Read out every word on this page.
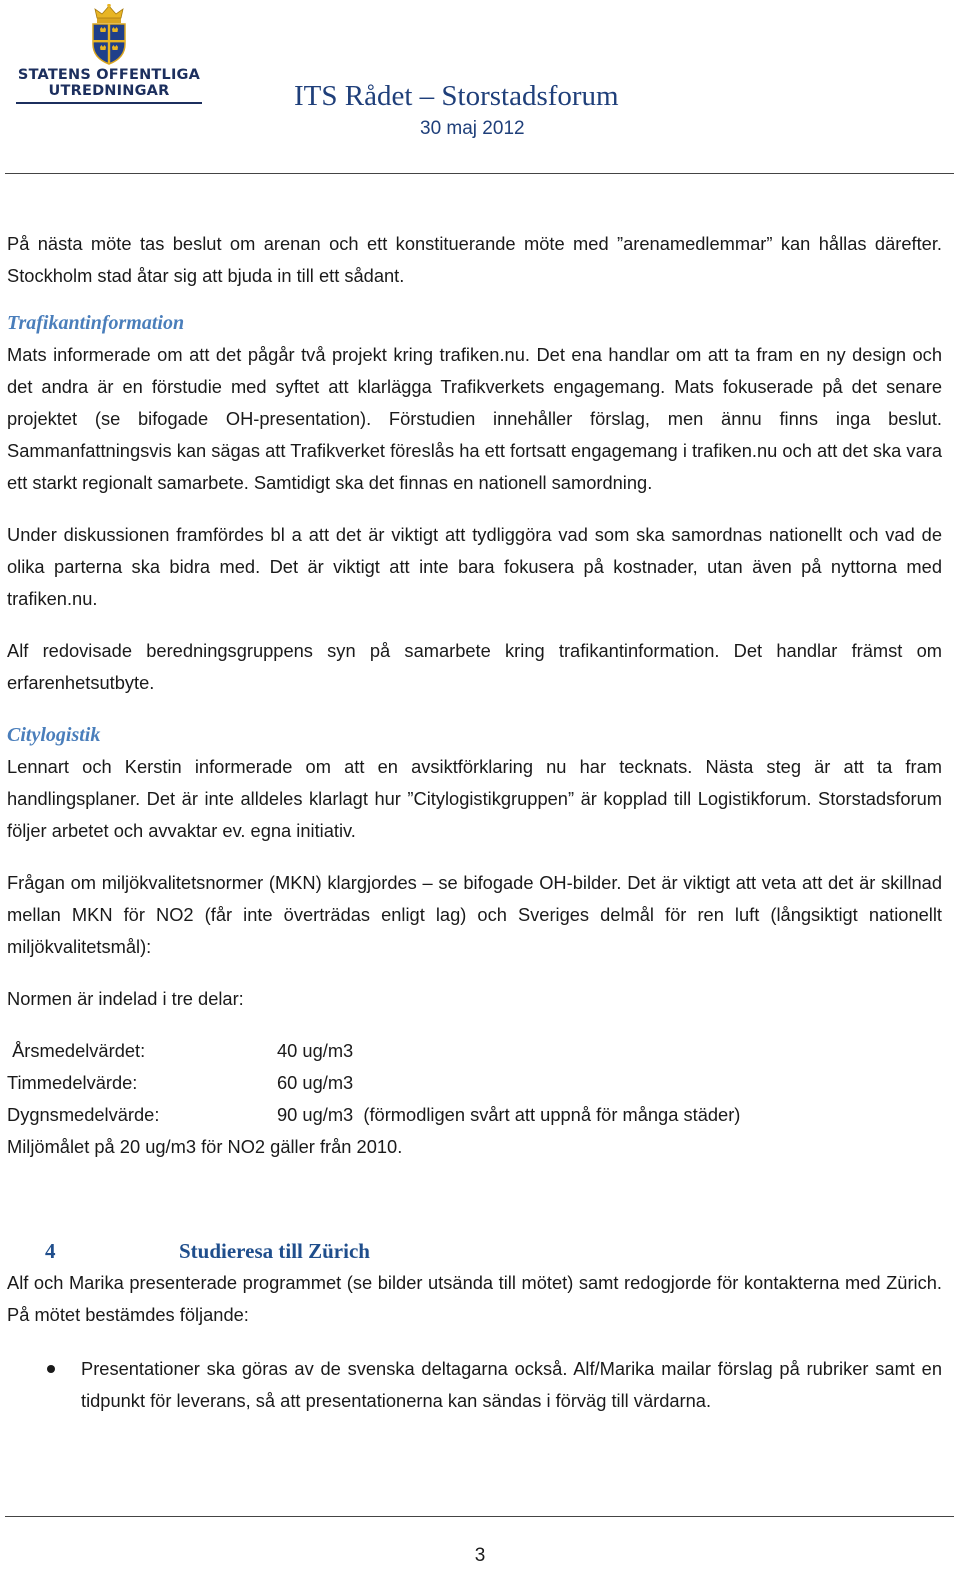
STATENS OFFENTLIGA
UTREDNINGAR	ITS Rådet – Storstadsforum
30 maj 2012

På nästa möte tas beslut om arenan och ett konstituerande möte med ”arenamedlemmar” kan hållas därefter. Stockholm stad åtar sig att bjuda in till ett sådant.

Trafikantinformation

Mats informerade om att det pågår två projekt kring trafiken.nu. Det ena handlar om att ta fram en ny design och det andra är en förstudie med syftet att klarlägga Trafikverkets engagemang. Mats fokuserade på det senare projektet (se bifogade OH-presentation). Förstudien innehåller förslag, men ännu finns inga beslut. Sammanfattningsvis kan sägas att Trafikverket föreslås ha ett fortsatt engagemang i trafiken.nu och att det ska vara ett starkt regionalt samarbete. Samtidigt ska det finnas en nationell samordning.

Under diskussionen framfördes bl a att det är viktigt att tydliggöra vad som ska samordnas nationellt och vad de olika parterna ska bidra med. Det är viktigt att inte bara fokusera på kostnader, utan även på nyttorna med trafiken.nu.

Alf redovisade beredningsgruppens syn på samarbete kring trafikantinformation. Det handlar främst om erfarenhetsutbyte.

Citylogistik

Lennart och Kerstin informerade om att en avsiktförklaring nu har tecknats. Nästa steg är att ta fram handlingsplaner. Det är inte alldeles klarlagt hur ”Citylogistikgruppen” är kopplad till Logistikforum. Storstadsforum följer arbetet och avvaktar ev. egna initiativ.

Frågan om miljökvalitetsnormer (MKN) klargjordes – se bifogade OH-bilder. Det är viktigt att veta att det är skillnad mellan MKN för NO2 (får inte överträdas enligt lag) och Sveriges delmål för ren luft (långsiktigt nationellt miljökvalitetsmål):

Normen är indelad i tre delar:

Årsmedelvärdet:	40 ug/m3
Timmedelvärde:	60 ug/m3
Dygnsmedelvärde:	90 ug/m3  (förmodligen svårt att uppnå för många städer)

Miljömålet på 20 ug/m3 för NO2 gäller från 2010.

4	Studieresa till Zürich

Alf och Marika presenterade programmet (se bilder utsända till mötet) samt redogjorde för kontakterna med Zürich. På mötet bestämdes följande:

Presentationer ska göras av de svenska deltagarna också. Alf/Marika mailar förslag på rubriker samt en tidpunkt för leverans, så att presentationerna kan sändas i förväg till värdarna.
3
